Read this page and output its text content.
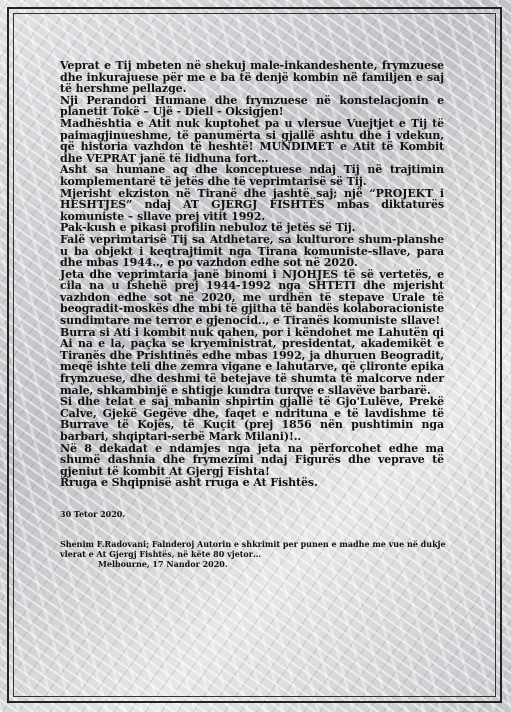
Veprat e Tij mbeten në shekuj male-inkandeshente, frymzuese dhe inkurajuese për me e ba të denjë kombin në familjen e saj të hershme pellazge.

Nji Perandori Humane dhe frymzuese në konstelacjonin e planetit Tokë – Ujë - Diell - Oksigjen!

Madhështia e Atit nuk kuptohet pa u vlersue Vuejtjet e Tij të paimagjinueshme, të panumërta si gjallë ashtu dhe i vdekun, që historia vazhdon të heshtë! MUNDIMET e Atit të Kombit dhe VEPRAT janë të lidhuna fort…

Asht sa humane aq dhe konceptuese ndaj Tij në trajtimin komplementarë të jetës dhe të veprimtarisë së Tij.

Mjerisht ekziston në Tiranë dhe jashtë saj; një “PROJEKT i HESHTJES” ndaj AT GJERGJ FISHTËS mbas diktaturës komuniste – sllave prej vitit 1992.

Pak-kush e pikasi profilin nebuloz të jetës së Tij.

Falë veprimtarisë Tij sa Atdhetare, sa kulturore shum-planshe u ba objekt i keqtrajtimit nga Tirana komuniste-sllave, para dhe mbas 1944.., e po vazhdon edhe sot në 2020.

Jeta dhe veprimtaria janë binomi i NJOHJES të së vertetës, e cila na u fshehë prej 1944-1992 nga SHTETI dhe mjerisht vazhdon edhe sot në 2020, me urdhën të stepave Urale të beogradit-moskës dhe mbi të gjitha të bandës kolaboracioniste sundimtare me terror e gjenocid.., e Tiranës komuniste sllave!

Burra si Ati i kombit nuk qahen, por i këndohet me Lahutën qi Ai na e la, paçka se kryeministrat, presidentat, akademikët e Tiranës dhe Prishtinës edhe mbas 1992, ja dhuruen Beogradit, meqë ishte teli dhe zemra vigane e lahutarve, që çlironte epika frymzuese, dhe deshmi të betejave të shumta të malcorve nder male, shkambinjë e shtigje kundra turqve e sllavëve barbarë.

Si dhe telat e saj mbanin shpirtin gjallë të Gjo'Lulëve, Prekë Calve, Gjekë Gegëve dhe, faqet e ndrituna e të lavdishme të Burrave të Kojës, të Kuçit (prej 1856 nën pushtimin nga barbari, shqiptari-serbë Mark Milani)!..

Në 8 dekadat e ndamjes nga jeta na përforcohet edhe ma shumë dashnia dhe frymezimi ndaj Figurës dhe veprave të gjeniut të kombit At Gjergj Fishta!

Rruga e Shqipnisë asht rruga e At Fishtës.

30 Tetor 2020.

Shenim F.Radovani; Falnderoj Autorin e shkrimit per punen e madhe me vue në dukje vlerat e At Gjergj Fishtës, në këte 80 vjetor…

Melbourne, 17 Nandor 2020.
